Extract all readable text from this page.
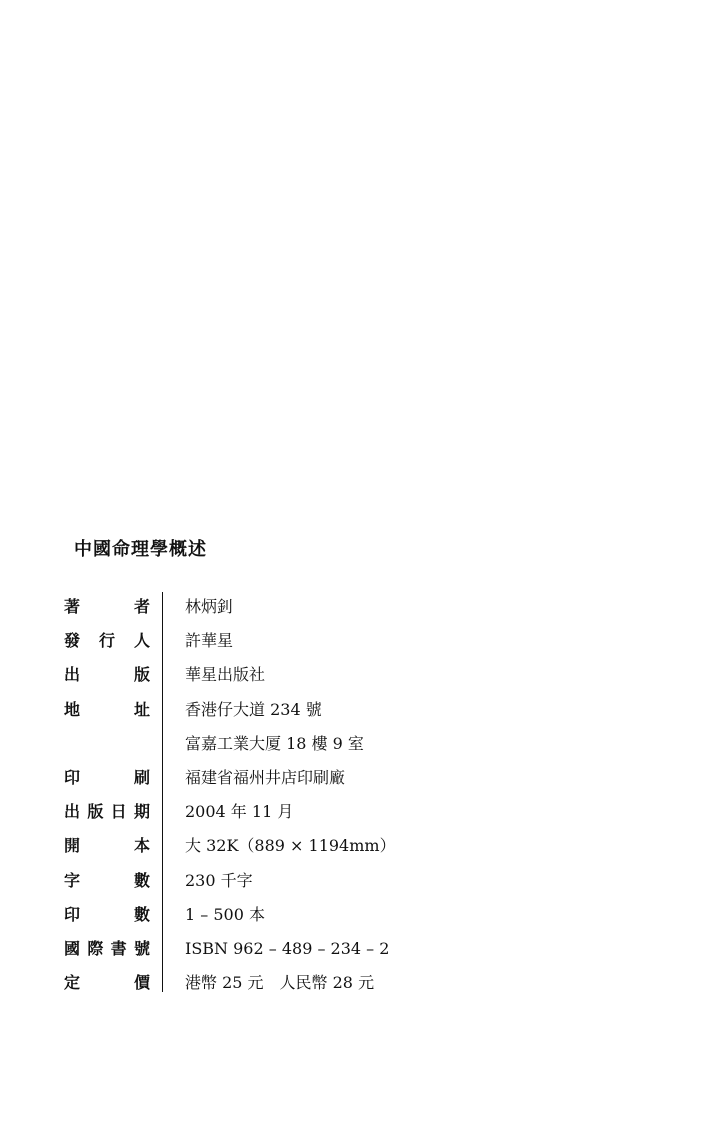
中國命理學概述
著	者 林炳釗
發 行 人 許華星
出	版 華星出版社
地	址 香港仔大道 234 號
富嘉工業大厦 18 樓 9 室
印	刷 福建省福州井店印刷廠
出 版 日 期 2004 年 11 月
開	本 大 32K（889 × 1194mm）
字	數 230 千字
印	數 1 – 500 本
國 際 書 號 ISBN 962 – 489 – 234 – 2
定	價 港幣 25 元　人民幣 28 元
